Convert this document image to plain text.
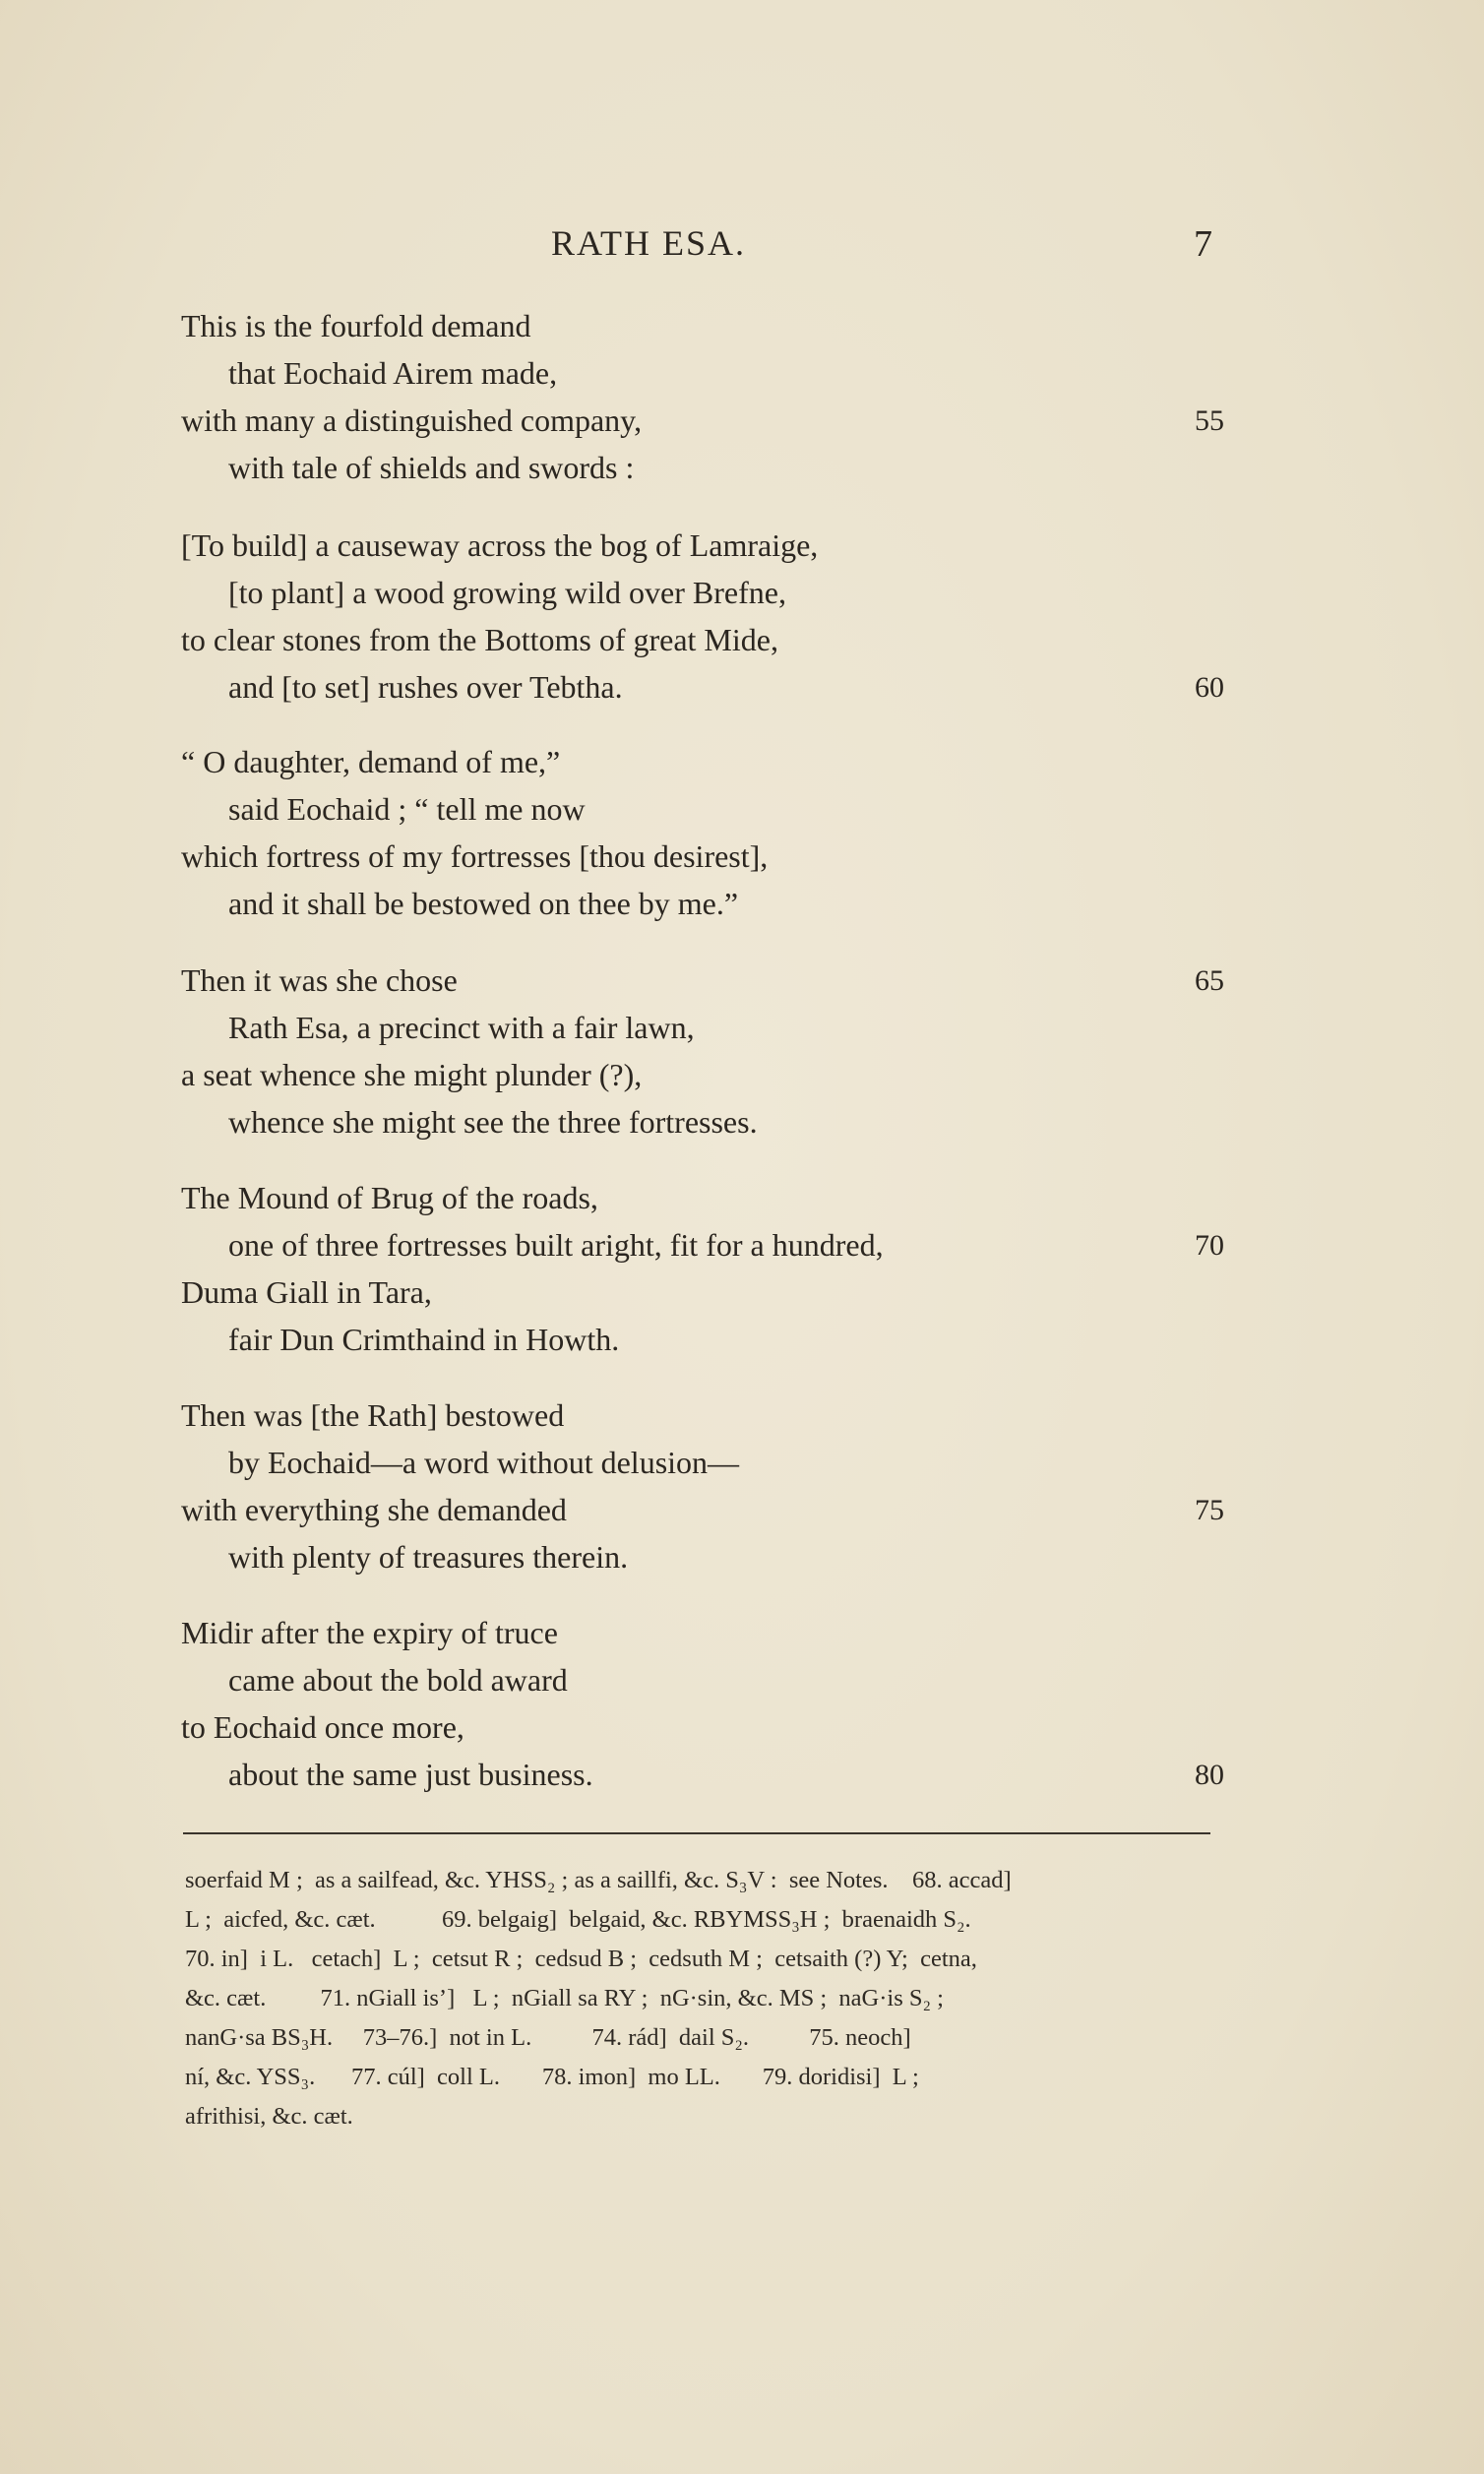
RATH ESA.	7
This is the fourfold demand
that Eochaid Airem made,
with many a distinguished company,
with tale of shields and swords :
55
[To build] a causeway across the bog of Lamraige,
[to plant] a wood growing wild over Brefne,
to clear stones from the Bottoms of great Mide,
and [to set] rushes over Tebtha.	60
“ O daughter, demand of me,”
said Eochaid ; “ tell me now
which fortress of my fortresses [thou desirest],
and it shall be bestowed on thee by me.”
Then it was she chose
Rath Esa, a precinct with a fair lawn,
a seat whence she might plunder (?),
whence she might see the three fortresses.
65
The Mound of Brug of the roads,
one of three fortresses built aright, fit for a hundred,
Duma Giall in Tara,
fair Dun Crimthaind in Howth.
70
Then was [the Rath] bestowed
by Eochaid—a word without delusion—
with everything she demanded
with plenty of treasures therein.
75
Midir after the expiry of truce
came about the bold award
to Eochaid once more,
about the same just business.	80
soerfaid M ;  as a sailfead, &c. YHSS₂ ; as a saillfi, &c. S₃V :  see Notes.    68. accad]
L ;  aicfed, &c. cæt.           69. belgaig]  belgaid, &c. RBYMSS₃H ;  braenaidh S₂.
70. in]  i L.   cetach]  L ;  cetsut R ;  cedsud B ;  cedsuth M ;  cetsaith (?) Y;  cetna,
&c. cæt.         71. nGiall is’]   L ;  nGiall sa RY ;  nG·sin, &c. MS ;  naG·is S₂ ;
nanG·sa BS₃H.     73–76.]  not in L.          74. rád]  dail S₂.          75. neoch]
ní, &c. YSS₃.      77. cúl]  coll L.       78. imon]  mo LL.       79. doridisi]  L ;
afrithisi, &c. cæt.
